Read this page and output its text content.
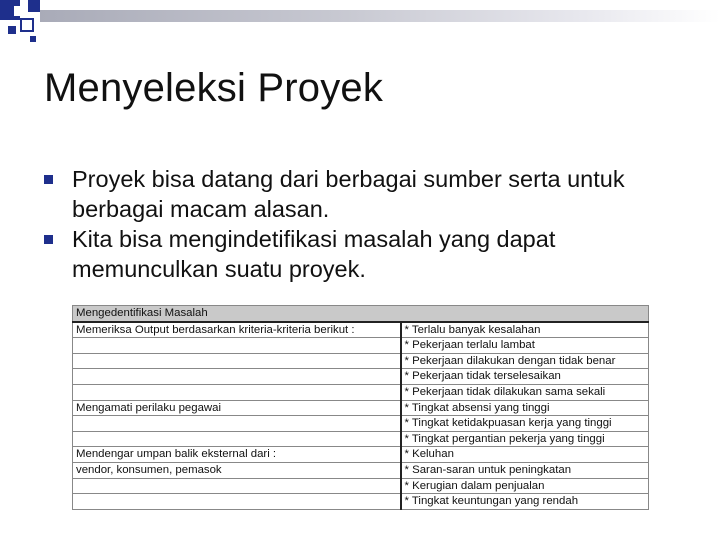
Menyeleksi Proyek
Proyek bisa datang dari berbagai sumber serta untuk berbagai macam alasan.
Kita bisa mengindetifikasi masalah yang dapat memunculkan suatu proyek.
Mengedentifikasi Masalah	
Memeriksa Output berdasarkan kriteria-kriteria berikut :	* Terlalu banyak kesalahan
	* Pekerjaan terlalu lambat
	* Pekerjaan dilakukan dengan tidak benar
	* Pekerjaan tidak terselesaikan
	* Pekerjaan tidak dilakukan sama sekali
Mengamati perilaku pegawai	* Tingkat absensi yang tinggi
	* Tingkat ketidakpuasan kerja yang tinggi
	* Tingkat pergantian pekerja yang tinggi
Mendengar umpan balik eksternal dari :	* Keluhan
vendor, konsumen, pemasok	* Saran-saran untuk peningkatan
	* Kerugian dalam penjualan
	* Tingkat keuntungan yang rendah
